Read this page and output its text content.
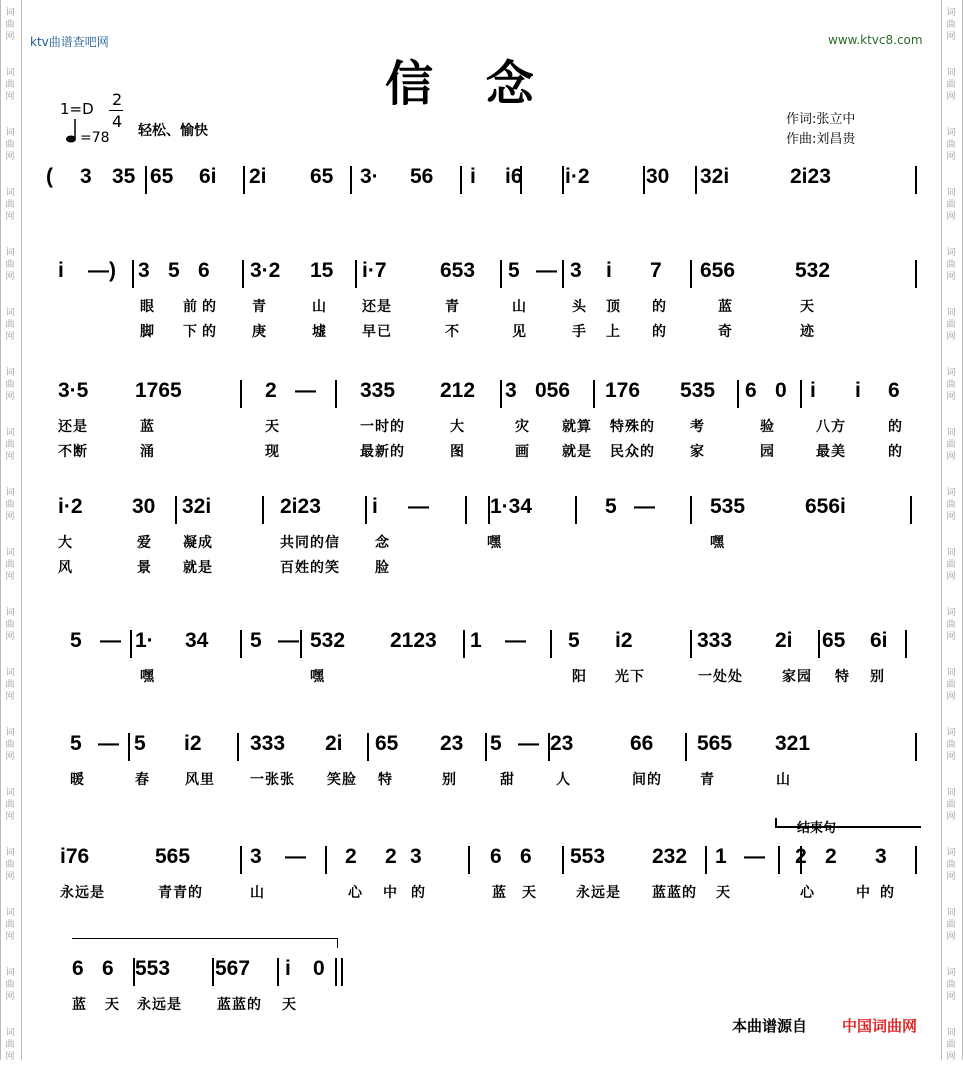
词
曲
网
词
曲
网
词
曲
网
词
曲
网
词
曲
网
词
曲
网
词
曲
网
词
曲
网
词
曲
网
词
曲
网
词
曲
网
词
曲
网
词
曲
网
词
曲
网
词
曲
网
词
曲
网
词
曲
网
词
曲
网
词
曲
网
词
曲
网
词
曲
网
词
曲
网
词
曲
网
词
曲
网
词
曲
网
词
曲
网
词
曲
网
词
曲
网
词
曲
网
词
曲
网
词
曲
网
词
曲
网
词
曲
网
词
曲
网
词
曲
网
词
曲
网
ktv曲谱查吧网	www.ktvc8.com
信 念
1=D 2
4
=78 轻松、愉快
作词:张立中
作曲:刘昌贵
( 3 35 65 6i 2i 65 3· 56 i i6 i·2	30 32i	2i23
i —) 3 5 6 3·2 15 i·7	653 5 — 3 i 7 656	532
眼 前 的	青	山	还是	青	山	头 顶 的	蓝	天
脚 下 的	庚	墟	早已	不	见	手 上 的	奇	迹
3·5 1765	2 — 335 212 3 056 176 535 6 0 i i 6
还是	蓝	天	一时的	大	灾 就算 特殊的	考	验	八方	的
不断	涌	现	最新的	图	画 就是 民众的	家	园	最美	的
i·2 30 32i	2i23 i —	1·34	5 —	535	656i
大	爱 凝成	共同的信	念	嘿	嘿
风	景 就是	百姓的笑	脸
5 — 1· 34 5 — 532 2123 1 — 5 i2	333 2i 65 6i
嘿	嘿	阳 光下	一处处	家园 特 别
5 — 5 i2 333 2i 65 23 5 — 23	66 565 321
暖	春	风里	一张张 笑脸 特	别	甜	人	间的	青	山
i76	565	3 — 2 2 3	6 6 553 232 1 — 2 2 3
永远是	青青的	山	心 中 的	蓝 天	永远是 蓝蓝的 天	心	中 的
6 6 553 567 i 0
蓝 天 永远是	蓝蓝的 天
结束句
本曲谱源自 中国词曲网
